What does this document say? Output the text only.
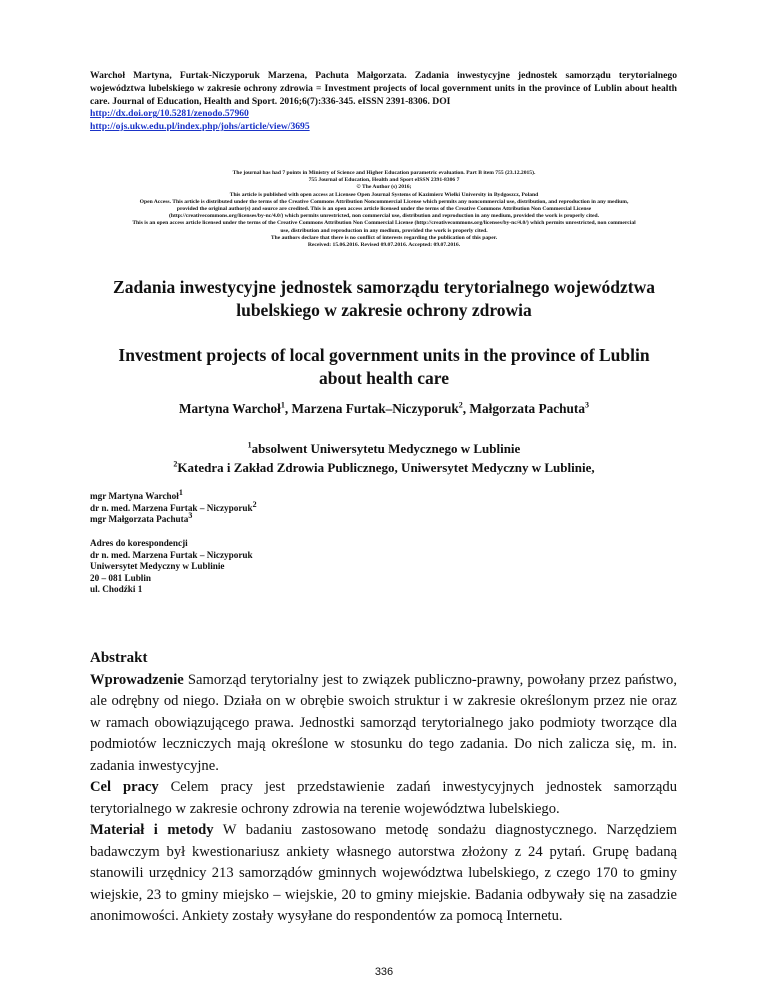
Warchoł Martyna, Furtak-Niczyporuk Marzena, Pachuta Małgorzata. Zadania inwestycyjne jednostek samorządu terytorialnego województwa lubelskiego w zakresie ochrony zdrowia = Investment projects of local government units in the province of Lublin about health care. Journal of Education, Health and Sport. 2016;6(7):336-345. eISSN 2391-8306. DOI
http://dx.doi.org/10.5281/zenodo.57960
http://ojs.ukw.edu.pl/index.php/johs/article/view/3695
The journal has had 7 points in Ministry of Science and Higher Education parametric evaluation. Part B item 755 (23.12.2015).
755 Journal of Education, Health and Sport eISSN 2391-8306 7
© The Author (s) 2016;
This article is published with open access at Licensee Open Journal Systems of Kazimierz Wielki University in Bydgoszcz, Poland
Open Access. This article is distributed under the terms of the Creative Commons Attribution Noncommercial License which permits any noncommercial use, distribution, and reproduction in any medium,
provided the original author(s) and source are credited. This is an open access article licensed under the terms of the Creative Commons Attribution Non Commercial License
(http://creativecommons.org/licenses/by-nc/4.0/) which permits unrestricted, non commercial use, distribution and reproduction in any medium, provided the work is properly cited.
This is an open access article licensed under the terms of the Creative Commons Attribution Non Commercial License (http://creativecommons.org/licenses/by-nc/4.0/) which permits unrestricted, non commercial
use, distribution and reproduction in any medium, provided the work is properly cited.
The authors declare that there is no conflict of interests regarding the publication of this paper.
Received: 15.06.2016. Revised 09.07.2016. Accepted: 09.07.2016.
Zadania inwestycyjne jednostek samorządu terytorialnego województwa
lubelskiego w zakresie ochrony zdrowia
Investment projects of local government units in the province of Lublin
about health care

Martyna Warchoł$^1$, Marzena Furtak–Niczyporuk$^2$, Małgorzata Pachuta$^3$

$^1$absolwent Uniwersytetu Medycznego w Lublinie
$^2$Katedra i Zakład Zdrowia Publicznego, Uniwersytet Medyczny w Lublinie,
mgr Martyna Warchoł$^1$
dr n. med. Marzena Furtak – Niczyporuk$^2$
mgr Małgorzata Pachuta$^3$
Adres do korespondencji
dr n. med. Marzena Furtak – Niczyporuk
Uniwersytet Medyczny w Lublinie
20 – 081 Lublin
ul. Chodźki 1
Abstrakt

Wprowadzenie Samorząd terytorialny jest to związek publiczno-prawny, powołany przez państwo, ale odrębny od niego. Działa on w obrębie swoich struktur i w zakresie określonym przez nie oraz w ramach obowiązującego prawa. Jednostki samorząd terytorialnego jako podmioty tworzące dla podmiotów leczniczych mają określone w stosunku do tego zadania. Do nich zalicza się, m. in. zadania inwestycyjne.

Cel pracy Celem pracy jest przedstawienie zadań inwestycyjnych jednostek samorządu terytorialnego w zakresie ochrony zdrowia na terenie województwa lubelskiego.

Materiał i metody W badaniu zastosowano metodę sondażu diagnostycznego. Narzędziem badawczym był kwestionariusz ankiety własnego autorstwa złożony z 24 pytań. Grupę badaną stanowili urzędnicy 213 samorządów gminnych województwa lubelskiego, z czego 170 to gminy wiejskie, 23 to gminy miejsko – wiejskie, 20 to gminy miejskie. Badania odbywały się na zasadzie anonimowości. Ankiety zostały wysyłane do respondentów za pomocą Internetu.

336
